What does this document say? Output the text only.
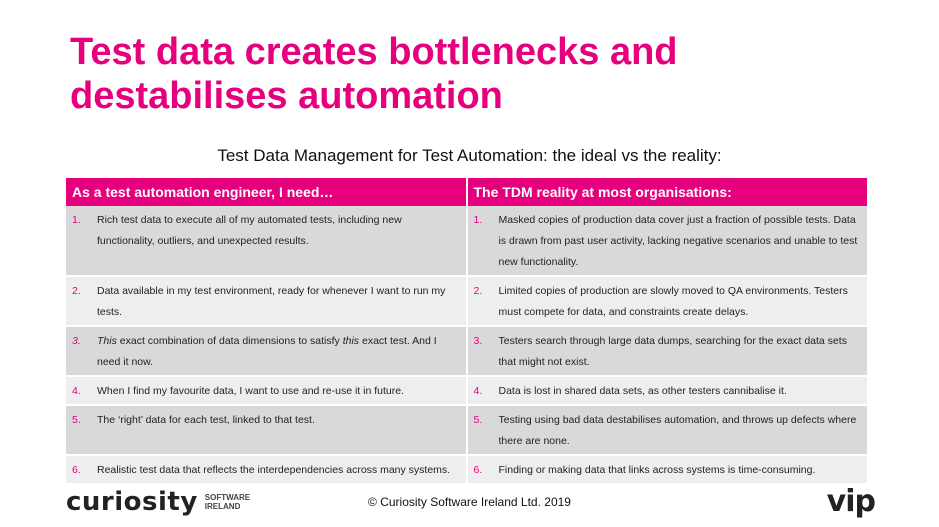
Test data creates bottlenecks and
destabilises automation

Test Data Management for Test Automation: the ideal vs the reality:

As a test automation engineer, I need…	The TDM reality at most organisations:

1. Rich test data to execute all of my automated tests, including new functionality, outliers, and unexpected results.	1. Masked copies of production data cover just a fraction of possible tests. Data is drawn from past user activity, lacking negative scenarios and unable to test new functionality.

2. Data available in my test environment, ready for whenever I want to run my tests.	2. Limited copies of production are slowly moved to QA environments. Testers must compete for data, and constraints create delays.

3. This exact combination of data dimensions to satisfy this exact test. And I need it now.	3. Testers search through large data dumps, searching for the exact data sets that might not exist.

4. When I find my favourite data, I want to use and re-use it in future.	4. Data is lost in shared data sets, as other testers cannibalise it.

5. The ‘right’ data for each test, linked to that test.	5. Testing using bad data destabilises automation, and throws up defects where there are none.

6. Realistic test data that reflects the interdependencies across many systems.	6. Finding or making data that links across systems is time-consuming.
curiosity SOFTWARE
IRELAND	© Curiosity Software Ireland Ltd. 2019	vip
